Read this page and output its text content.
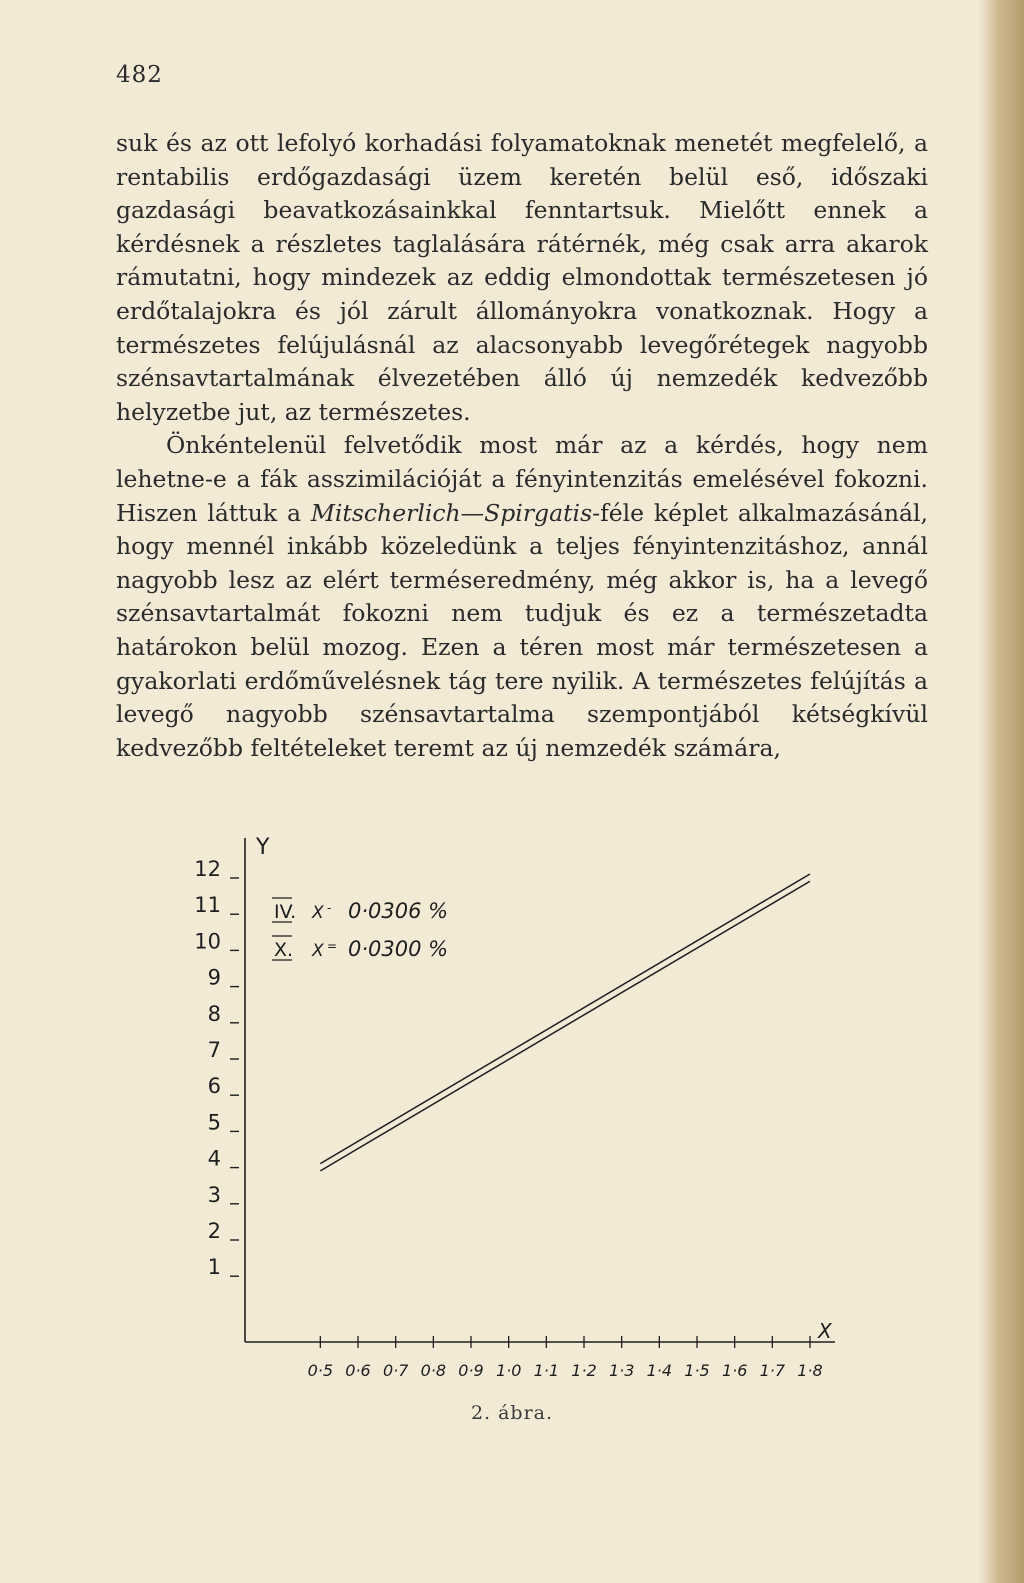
482

suk és az ott lefolyó korhadási folyamatoknak menetét megfelelő, a rentabilis erdőgazdasági üzem keretén belül eső, időszaki gazdasági beavatkozásainkkal fenntartsuk. Mielőtt ennek a kérdésnek a részletes taglalására rátérnék, még csak arra akarok rámutatni, hogy mindezek az eddig elmondottak természetesen jó erdőtalajokra és jól zárult állományokra vonatkoznak. Hogy a természetes felújulásnál az alacsonyabb levegőrétegek nagyobb szénsavtartalmának élvezetében álló új nemzedék kedvezőbb helyzetbe jut, az természetes.

Önkéntelenül felvetődik most már az a kérdés, hogy nem lehetne-e a fák asszimilációját a fényintenzitás emelésével fokozni. Hiszen láttuk a Mitscherlich—Spirgatis-féle képlet alkalmazásánál, hogy mennél inkább közeledünk a teljes fényintenzitáshoz, annál nagyobb lesz az elért terméseredmény, még akkor is, ha a levegő szénsavtartalmát fokozni nem tudjuk és ez a természetadta határokon belül mozog. Ezen a téren most már természetesen a gyakorlati erdőművelésnek tág tere nyilik. A természetes felújítás a levegő nagyobb szénsavtartalma szempontjából kétségkívül kedvezőbb feltételeket teremt az új nemzedék számára,

Y
X
12
11
10
9
8
7
6
5
4
3
2
1
0·5 0·6 0·7 0·8 0·9 1·0 1·1 1·2 1·3 1·4 1·5 1·6 1·7 1·8
IV. X - 0·0306 %
X. X = 0·0300 %
2. ábra.
